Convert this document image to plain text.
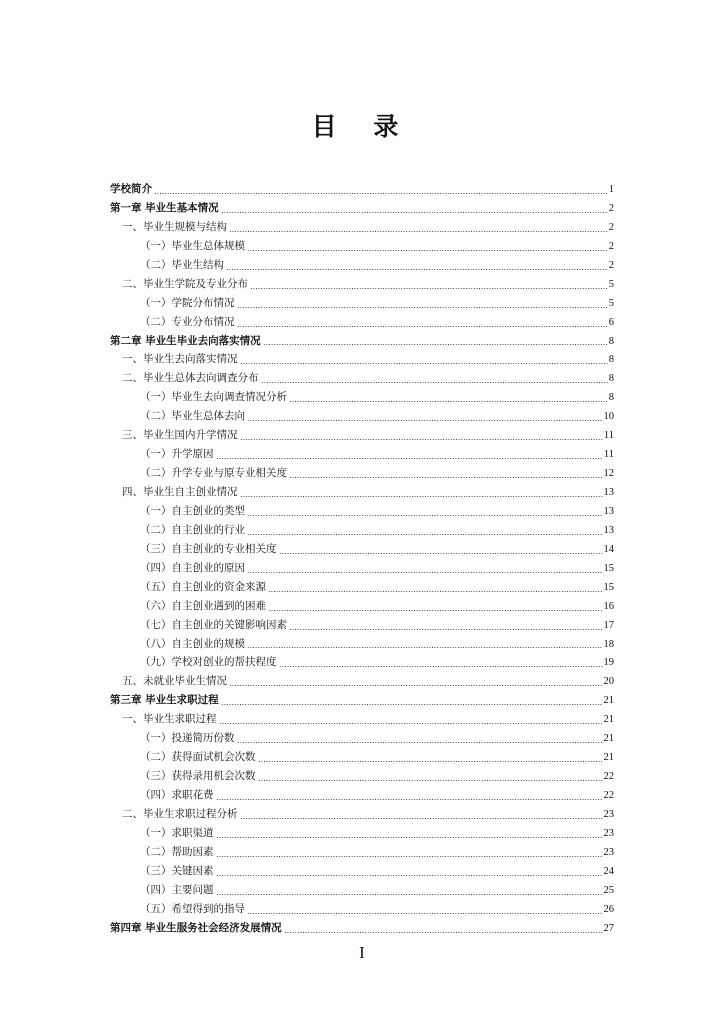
目 录
学校简介	1
第一章 毕业生基本情况	2
一、毕业生规模与结构	2
（一）毕业生总体规模	2
（二）毕业生结构	2
二、毕业生学院及专业分布	5
（一）学院分布情况	5
（二）专业分布情况	6
第二章 毕业生毕业去向落实情况	8
一、毕业生去向落实情况	8
二、毕业生总体去向调查分布	8
（一）毕业生去向调查情况分析	8
（二）毕业生总体去向	10
三、毕业生国内升学情况	11
（一）升学原因	11
（二）升学专业与原专业相关度	12
四、毕业生自主创业情况	13
（一）自主创业的类型	13
（二）自主创业的行业	13
（三）自主创业的专业相关度	14
（四）自主创业的原因	15
（五）自主创业的资金来源	15
（六）自主创业遇到的困难	16
（七）自主创业的关键影响因素	17
（八）自主创业的规模	18
（九）学校对创业的帮扶程度	19
五、未就业毕业生情况	20
第三章 毕业生求职过程	21
一、毕业生求职过程	21
（一）投递简历份数	21
（二）获得面试机会次数	21
（三）获得录用机会次数	22
（四）求职花费	22
二、毕业生求职过程分析	23
（一）求职渠道	23
（二）帮助因素	23
（三）关键因素	24
（四）主要问题	25
（五）希望得到的指导	26
第四章 毕业生服务社会经济发展情况	27
I
